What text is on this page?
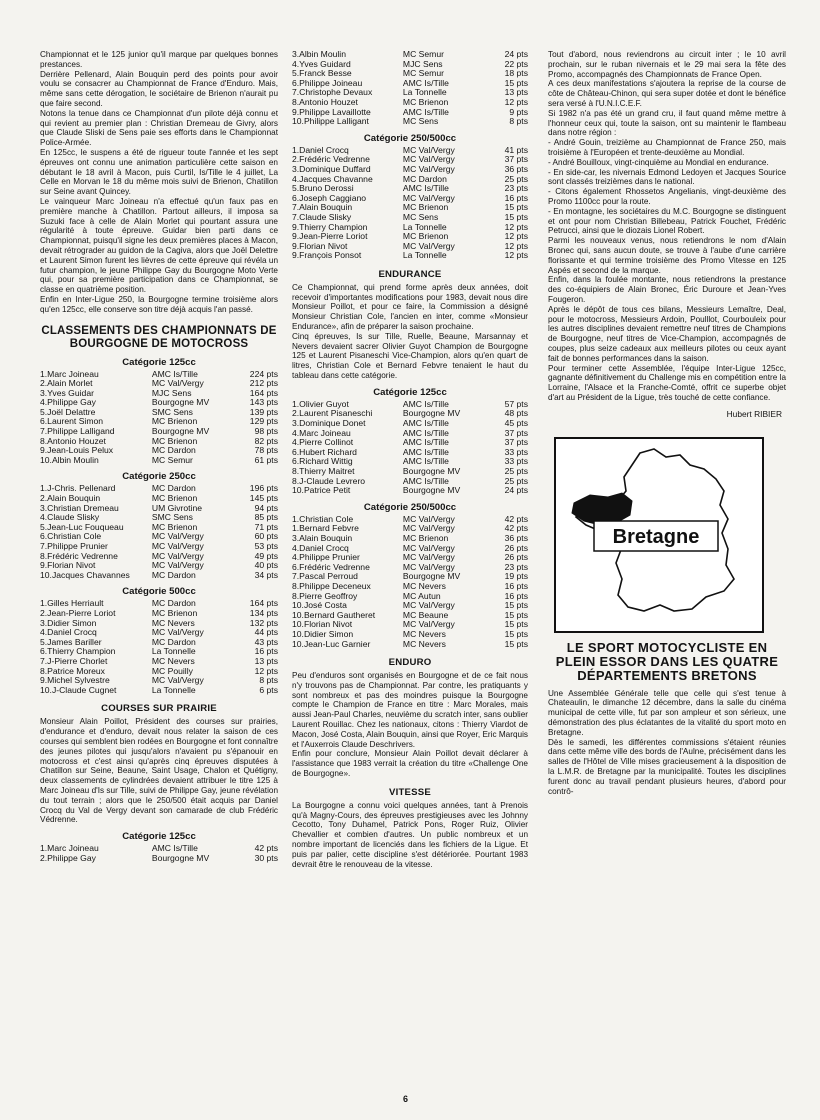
Championnat et le 125 junior qu'il marque par quelques bonnes prestances.

Derrière Pellenard, Alain Bouquin perd des points pour avoir voulu se consacrer au Championnat de France d'Enduro. Mais, même sans cette dérogation, le sociétaire de Brienon n'aurait pu que faire second.

Notons la tenue dans ce Championnat d'un pilote déjà connu et qui revient au premier plan : Christian Dremeau de Givry, alors que Claude Sliski de Sens paie ses efforts dans le Championnat Police-Armée.

En 125cc, le suspens a été de rigueur toute l'année et les sept épreuves ont connu une animation particulière cette saison en débutant le 18 avril à Macon, puis Curtil, Is/Tille le 4 juillet, La Celle en Morvan le 18 du même mois suivi de Brienon, Chatillon sur Seine avant Quincey.

Le vainqueur Marc Joineau n'a effectué qu'un faux pas en première manche à Chatillon. Partout ailleurs, il imposa sa Suzuki face à celle de Alain Morlet qui pourtant assura une régularité à toute épreuve. Guidar bien parti dans ce Championnat, puisqu'il signe les deux premières places à Macon, devait rétrograder au guidon de la Cagiva, alors que Joël Delettre et Laurent Simon furent les lièvres de cette épreuve qui révéla un futur champion, le jeune Philippe Gay du Bourgogne Moto Verte qui, pour sa première participation dans ce Championnat, se classe en quatrième position.

Enfin en Inter-Ligue 250, la Bourgogne termine troisième alors qu'en 125cc, elle conserve son titre déjà acquis l'an passé.

CLASSEMENTS DES CHAMPIONNATS DE BOURGOGNE DE MOTOCROSS
Catégorie 125cc
1.Marc Joineau	AMC Is/Tille	224 pts
2.Alain Morlet	MC Val/Vergy	212 pts
3.Yves Guidar	MJC Sens	164 pts
4.Philippe Gay	Bourgogne MV	143 pts
5.Joël Delattre	SMC Sens	139 pts
6.Laurent Simon	MC Brienon	129 pts
7.Philippe Lalligand	Bourgogne MV	98 pts
8.Antonio Houzet	MC Brienon	82 pts
9.Jean-Louis Pelux	MC Dardon	78 pts
10.Albin Moulin	MC Semur	61 pts
Catégorie 250cc
1.J-Chris. Pellenard	MC Dardon	196 pts
2.Alain Bouquin	MC Brienon	145 pts
3.Christian Dremeau	UM Givrotine	94 pts
4.Claude Slisky	SMC Sens	85 pts
5.Jean-Luc Fouqueau	MC Brienon	71 pts
6.Christian Cole	MC Val/Vergy	60 pts
7.Philippe Prunier	MC Val/Vergy	53 pts
8.Frédéric Vedrenne	MC Val/Vergy	49 pts
9.Florian Nivot	MC Val/Vergy	40 pts
10.Jacques Chavannes	MC Dardon	34 pts
Catégorie 500cc
1.Gilles Herriault	MC Dardon	164 pts
2.Jean-Pierre Loriot	MC Brienon	134 pts
3.Didier Simon	MC Nevers	132 pts
4.Daniel Crocq	MC Val/Vergy	44 pts
5.James Bariller	MC Dardon	43 pts
6.Thierry Champion	La Tonnelle	16 pts
7.J-Pierre Chorlet	MC Nevers	13 pts
8.Patrice Moreux	MC Pouilly	12 pts
9.Michel Sylvestre	MC Val/Vergy	8 pts
10.J-Claude Cugnet	La Tonnelle	6 pts
COURSES SUR PRAIRIE

Monsieur Alain Poillot, Président des courses sur prairies, d'endurance et d'enduro, devait nous relater la saison de ces courses qui semblent bien rodées en Bourgogne et font connaître des jeunes pilotes qui jusqu'alors n'avaient pu s'épanouir en motocross et c'est ainsi qu'après cinq épreuves disputées à Chatillon sur Seine, Beaune, Saint Usage, Chalon et Quétigny, deux classements de cylindrées devaient attribuer le titre 125 à Marc Joineau d'Is sur Tille, suivi de Philippe Gay, jeune révélation du tout terrain ; alors que le 250/500 était acquis par Daniel Crocq du Val de Vergy devant son camarade de club Frédéric Védrenne.

Catégorie 125cc
1.Marc Joineau	AMC Is/Tille	42 pts
2.Philippe Gay	Bourgogne MV	30 pts
3.Albin Moulin	MC Semur	24 pts
4.Yves Guidard	MJC Sens	22 pts
5.Franck Besse	MC Semur	18 pts
6.Philippe Joineau	AMC Is/Tille	15 pts
7.Christophe Devaux	La Tonnelle	13 pts
8.Antonio Houzet	MC Brienon	12 pts
9.Philippe Lavaillotte	AMC Is/Tille	9 pts
10.Philippe Lalligant	MC Sens	8 pts
Catégorie 250/500cc
1.Daniel Crocq	MC Val/Vergy	41 pts
2.Frédéric Vedrenne	MC Val/Vergy	37 pts
3.Dominique Duffard	MC Val/Vergy	36 pts
4.Jacques Chavanne	MC Dardon	25 pts
5.Bruno Derossi	AMC Is/Tille	23 pts
6.Joseph Caggiano	MC Val/Vergy	16 pts
7.Alain Bouquin	MC Brienon	15 pts
7.Claude Slisky	MC Sens	15 pts
9.Thierry Champion	La Tonnelle	12 pts
9.Jean-Pierre Loriot	MC Brienon	12 pts
9.Florian Nivot	MC Val/Vergy	12 pts
9.François Ponsot	La Tonnelle	12 pts
ENDURANCE

Ce Championnat, qui prend forme après deux années, doit recevoir d'importantes modifications pour 1983, devait nous dire Monsieur Poillot, et pour ce faire, la Commission a désigné Monsieur Christian Cole, l'ancien en inter, comme «Monsieur Endurance», afin de préparer la saison prochaine.

Cinq épreuves, Is sur Tille, Ruelle, Beaune, Marsannay et Nevers devaient sacrer Olivier Guyot Champion de Bourgogne 125 et Laurent Pisaneschi Vice-Champion, alors qu'en quart de litres, Christian Cole et Bernard Febvre tenaient le haut du tableau dans cette catégorie.

Catégorie 125cc
1.Olivier Guyot	AMC Is/Tille	57 pts
2.Laurent Pisaneschi	Bourgogne MV	48 pts
3.Dominique Donet	AMC Is/Tille	45 pts
4.Marc Joineau	AMC Is/Tille	37 pts
4.Pierre Collinot	AMC Is/Tille	37 pts
6.Hubert Richard	AMC Is/Tille	33 pts
6.Richard Wittig	AMC Is/Tille	33 pts
8.Thierry Maitret	Bourgogne MV	25 pts
8.J-Claude Levrero	AMC Is/Tille	25 pts
10.Patrice Petit	Bourgogne MV	24 pts
Catégorie 250/500cc
1.Christian Cole	MC Val/Vergy	42 pts
1.Bernard Febvre	MC Val/Vergy	42 pts
3.Alain Bouquin	MC Brienon	36 pts
4.Daniel Crocq	MC Val/Vergy	26 pts
4.Philippe Prunier	MC Val/Vergy	26 pts
6.Frédéric Vedrenne	MC Val/Vergy	23 pts
7.Pascal Perroud	Bourgogne MV	19 pts
8.Philippe Deceneux	MC Nevers	16 pts
8.Pierre Geoffroy	MC Autun	16 pts
10.José Costa	MC Val/Vergy	15 pts
10.Bernard Gautheret	MC Beaune	15 pts
10.Florian Nivot	MC Val/Vergy	15 pts
10.Didier Simon	MC Nevers	15 pts
10.Jean-Luc Garnier	MC Nevers	15 pts
ENDURO

Peu d'enduros sont organisés en Bourgogne et de ce fait nous n'y trouvons pas de Championnat. Par contre, les pratiquants y sont nombreux et pas des moindres puisque la Bourgogne compte le Champion de France en titre : Marc Morales, mais aussi Jean-Paul Charles, neuvième du scratch inter, sans oublier Laurent Rouillac. Chez les nationaux, citons : Thierry Viardot de Macon, José Costa, Alain Bouquin, ainsi que Royer, Eric Marquis et l'Auxerrois Claude Deschrivers.

Enfin pour conclure, Monsieur Alain Poillot devait déclarer à l'assistance que 1983 verrait la création du titre «Challenge One de Bourgogne».

VITESSE

La Bourgogne a connu voici quelques années, tant à Prenois qu'à Magny-Cours, des épreuves prestigieuses avec les Johnny Cecotto, Tony Duhamel, Patrick Pons, Roger Ruiz, Olivier Chevallier et combien d'autres. Un public nombreux et un nombre important de licenciés dans les fichiers de la Ligue. Et puis par palier, cette discipline s'est détériorée. Pourtant 1983 devrait être le renouveau de la vitesse.

Tout d'abord, nous reviendrons au circuit inter ; le 10 avril prochain, sur le ruban nivernais et le 29 mai sera la fête des Promo, accompagnés des Championnats de France Open.

A ces deux manifestations s'ajoutera la reprise de la course de côte de Château-Chinon, qui sera super dotée et dont le bénéfice sera versé à l'U.N.I.C.E.F.

Si 1982 n'a pas été un grand cru, il faut quand même mettre à l'honneur ceux qui, toute la saison, ont su maintenir le flambeau dans notre région :

- André Gouin, treizième au Championnat de France 250, mais troisième à l'Européen et trente-deuxième au Mondial.

- André Bouilloux, vingt-cinquième au Mondial en endurance.

- En side-car, les nivernais Edmond Ledoyen et Jacques Sourice sont classés treizièmes dans le national.

- Citons également Rhossetos Angelianis, vingt-deuxième des Promo 1100cc pour la route.

- En montagne, les sociétaires du M.C. Bourgogne se distinguent et ont pour nom Christian Billebeau, Patrick Fouchet, Frédéric Petrucci, ainsi que le diozais Lionel Robert.

Parmi les nouveaux venus, nous retiendrons le nom d'Alain Bronec qui, sans aucun doute, se trouve à l'aube d'une carrière florissante et qui termine troisième des Promo Vitesse en 125 Aspés et second de la marque.

Enfin, dans la foulée montante, nous retiendrons la prestance des co-équipiers de Alain Bronec, Éric Duroure et Jean-Yves Fougeron.

Après le dépôt de tous ces bilans, Messieurs Lemaître, Deal, pour le motocross, Messieurs Ardoin, Poulllot, Courbouleix pour les autres disciplines devaient remettre neuf titres de Champions de Bourgogne, neuf titres de Vice-Champion, accompagnés de coupes, plus seize cadeaux aux meilleurs pilotes ou ceux ayant fait de bonnes performances dans la saison.

Pour terminer cette Assemblée, l'équipe Inter-Ligue 125cc, gagnante définitivement du Challenge mis en compétition entre la Lorraine, l'Alsace et la Franche-Comté, offrit ce superbe objet d'art au Président de la Ligue, très touché de cette confiance.

Hubert RIBIER
Bretagne
LE SPORT MOTOCYCLISTE EN PLEIN ESSOR DANS LES QUATRE DÉPARTEMENTS BRETONS

Une Assemblée Générale telle que celle qui s'est tenue à Chateaulin, le dimanche 12 décembre, dans la salle du cinéma municipal de cette ville, fut par son ampleur et son sérieux, une démonstration des plus éclatantes de la vitalité du sport moto en Bretagne.

Dès le samedi, les différentes commissions s'étaient réunies dans cette même ville des bords de l'Aulne, précisément dans les salles de l'Hôtel de Ville mises gracieusement à la disposition de la L.M.R. de Bretagne par la municipalité. Toutes les disciplines furent donc au travail pendant plusieurs heures, d'abord pour contrô-

6
